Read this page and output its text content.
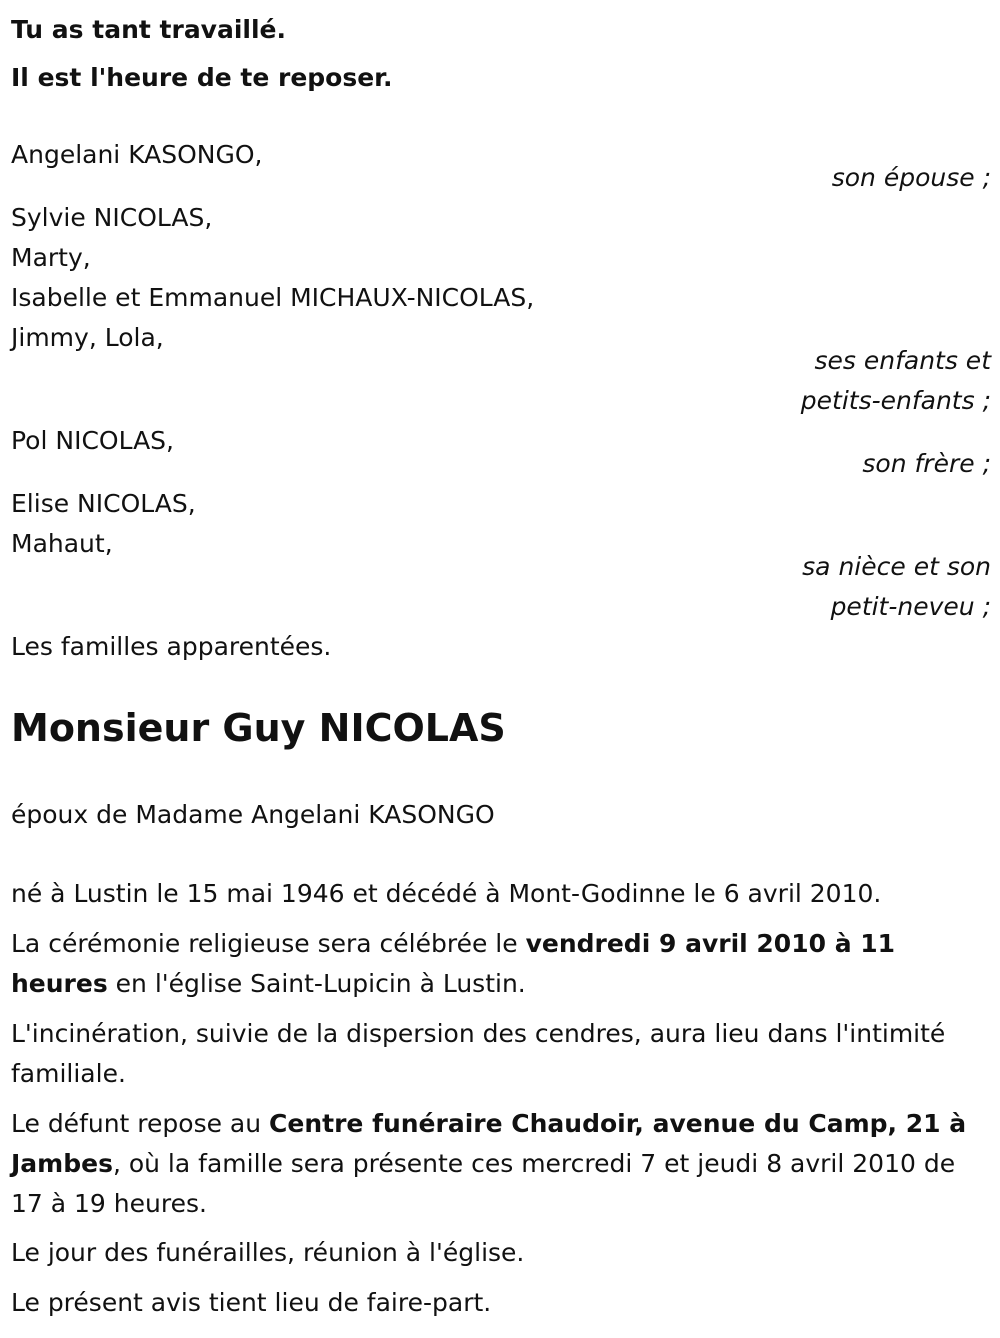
Tu as tant travaillé.
Il est l'heure de te reposer.
Angelani KASONGO,
son épouse ;
Sylvie NICOLAS,
Marty,
Isabelle et Emmanuel MICHAUX-NICOLAS,
Jimmy, Lola,
ses enfants et
petits-enfants ;
Pol NICOLAS,
son frère ;
Elise NICOLAS,
Mahaut,
sa nièce et son
petit-neveu ;
Les familles apparentées.
Monsieur Guy NICOLAS
époux de Madame Angelani KASONGO
né à Lustin le 15 mai 1946 et décédé à Mont-Godinne le 6 avril 2010.
La cérémonie religieuse sera célébrée le vendredi 9 avril 2010 à 11 heures en l'église Saint-Lupicin à Lustin.
L'incinération, suivie de la dispersion des cendres, aura lieu dans l'intimité familiale.
Le défunt repose au Centre funéraire Chaudoir, avenue du Camp, 21 à Jambes, où la famille sera présente ces mercredi 7 et jeudi 8 avril 2010 de 17 à 19 heures.
Le jour des funérailles, réunion à l'église.
Le présent avis tient lieu de faire-part.
